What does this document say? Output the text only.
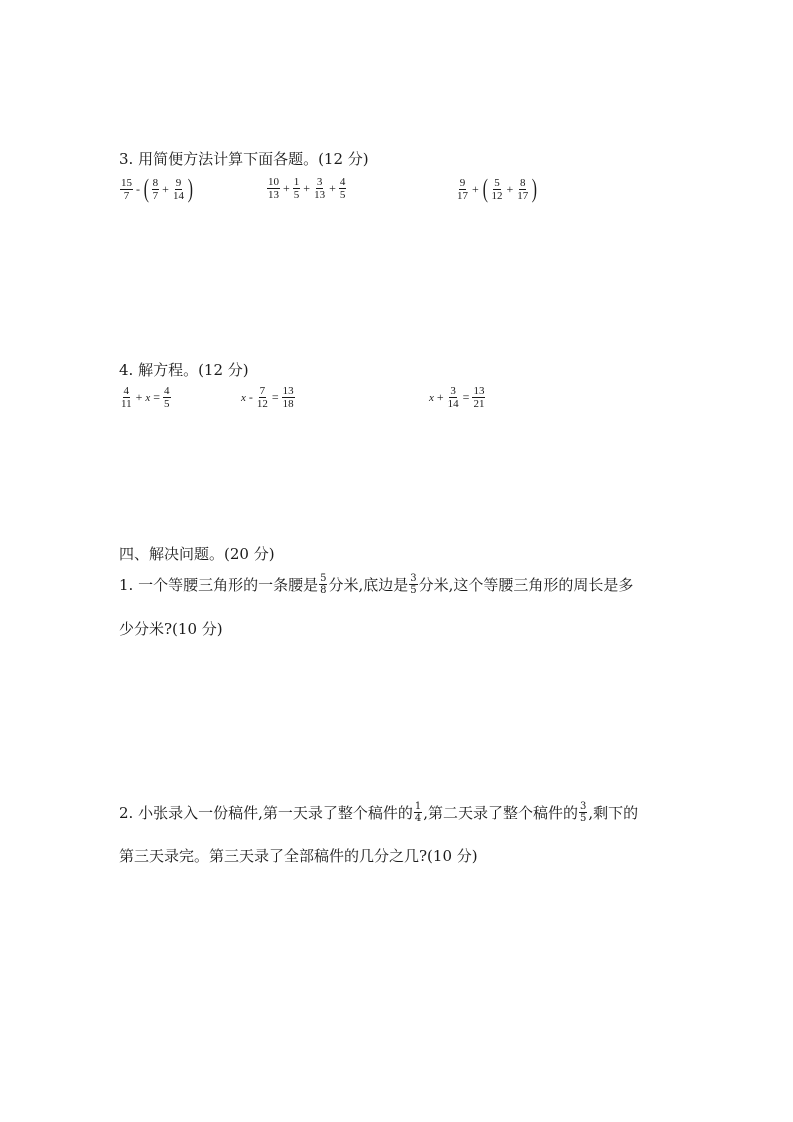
3. 用简便方法计算下面各题。(12 分)
$\frac{15}{7}$ - ( $\frac{8}{7} + \frac{9}{14}$ )	$\frac{10}{13} + \frac{1}{5} + \frac{3}{13} + \frac{4}{5}$	$\frac{9}{17}$ + ( $\frac{5}{12} + \frac{8}{17}$ )
4. 解方程。(12 分)
$\frac{4}{11} + x = \frac{4}{5}$	$x - \frac{7}{12} = \frac{13}{18}$	$x + \frac{3}{14} = \frac{13}{21}$
四、解决问题。(20 分)
1. 一个等腰三角形的一条腰是 $\frac{5}{8}$ 分米,底边是 $\frac{3}{5}$ 分米,这个等腰三角形的周长是多
少分米?(10 分)
2. 小张录入一份稿件,第一天录了整个稿件的 $\frac{1}{4}$ ,第二天录了整个稿件的 $\frac{3}{5}$ ,剩下的
第三天录完。第三天录了全部稿件的几分之几?(10 分)
